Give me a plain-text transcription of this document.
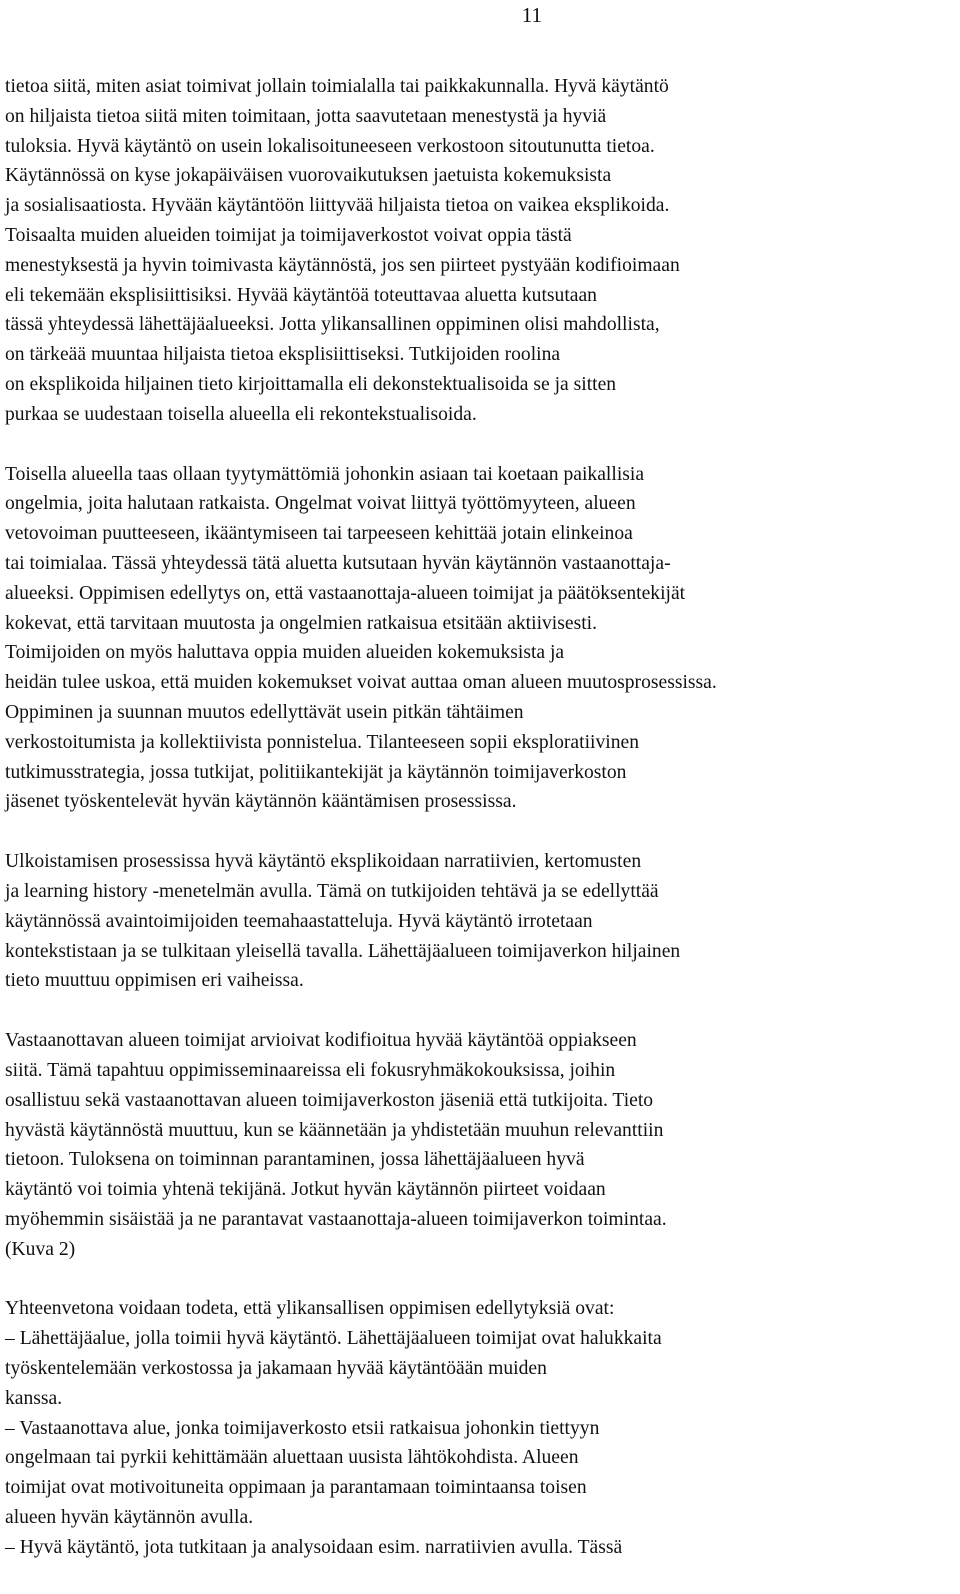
11
tietoa siitä, miten asiat toimivat jollain toimialalla tai paikkakunnalla. Hyvä käytäntö
on hiljaista tietoa siitä miten toimitaan, jotta saavutetaan menestystä ja hyviä
tuloksia. Hyvä käytäntö on usein lokalisoituneeseen verkostoon sitoutunutta tietoa.
Käytännössä on kyse jokapäiväisen vuorovaikutuksen jaetuista kokemuksista
ja sosialisaatiosta. Hyvään käytäntöön liittyvää hiljaista tietoa on vaikea eksplikoida.
Toisaalta muiden alueiden toimijat ja toimijaverkostot voivat oppia tästä
menestyksestä ja hyvin toimivasta käytännöstä, jos sen piirteet pystyään kodifioimaan
eli tekemään eksplisiittisiksi. Hyvää käytäntöä toteuttavaa aluetta kutsutaan
tässä yhteydessä lähettäjäalueeksi. Jotta ylikansallinen oppiminen olisi mahdollista,
on tärkeää muuntaa hiljaista tietoa eksplisiittiseksi. Tutkijoiden roolina
on eksplikoida hiljainen tieto kirjoittamalla eli dekonstektualisoida se ja sitten
purkaa se uudestaan toisella alueella eli rekontekstualisoida.
Toisella alueella taas ollaan tyytymättömiä johonkin asiaan tai koetaan paikallisia
ongelmia, joita halutaan ratkaista. Ongelmat voivat liittyä työttömyyteen, alueen
vetovoiman puutteeseen, ikääntymiseen tai tarpeeseen kehittää jotain elinkeinoa
tai toimialaa. Tässä yhteydessä tätä aluetta kutsutaan hyvän käytännön vastaanottaja-
alueeksi. Oppimisen edellytys on, että vastaanottaja-alueen toimijat ja päätöksentekijät
kokevat, että tarvitaan muutosta ja ongelmien ratkaisua etsitään aktiivisesti.
Toimijoiden on myös haluttava oppia muiden alueiden kokemuksista ja
heidän tulee uskoa, että muiden kokemukset voivat auttaa oman alueen muutosprosessissa.
Oppiminen ja suunnan muutos edellyttävät usein pitkän tähtäimen
verkostoitumista ja kollektiivista ponnistelua. Tilanteeseen sopii eksploratiivinen
tutkimusstrategia, jossa tutkijat, politiikantekijät ja käytännön toimijaverkoston
jäsenet työskentelevät hyvän käytännön kääntämisen prosessissa.
Ulkoistamisen prosessissa hyvä käytäntö eksplikoidaan narratiivien, kertomusten
ja learning history -menetelmän avulla. Tämä on tutkijoiden tehtävä ja se edellyttää
käytännössä avaintoimijoiden teemahaastatteluja. Hyvä käytäntö irrotetaan
kontekstistaan ja se tulkitaan yleisellä tavalla. Lähettäjäalueen toimijaverkon hiljainen
tieto muuttuu oppimisen eri vaiheissa.
Vastaanottavan alueen toimijat arvioivat kodifioitua hyvää käytäntöä oppiakseen
siitä. Tämä tapahtuu oppimisseminaareissa eli fokusryhmäkokouksissa, joihin
osallistuu sekä vastaanottavan alueen toimijaverkoston jäseniä että tutkijoita. Tieto
hyvästä käytännöstä muuttuu, kun se käännetään ja yhdistetään muuhun relevanttiin
tietoon. Tuloksena on toiminnan parantaminen, jossa lähettäjäalueen hyvä
käytäntö voi toimia yhtenä tekijänä. Jotkut hyvän käytännön piirteet voidaan
myöhemmin sisäistää ja ne parantavat vastaanottaja-alueen toimijaverkon toimintaa.
(Kuva 2)
Yhteenvetona voidaan todeta, että ylikansallisen oppimisen edellytyksiä ovat:
– Lähettäjäalue, jolla toimii hyvä käytäntö. Lähettäjäalueen toimijat ovat halukkaita
työskentelemään verkostossa ja jakamaan hyvää käytäntöään muiden
kanssa.
– Vastaanottava alue, jonka toimijaverkosto etsii ratkaisua johonkin tiettyyn
ongelmaan tai pyrkii kehittämään aluettaan uusista lähtökohdista. Alueen
toimijat ovat motivoituneita oppimaan ja parantamaan toimintaansa toisen
alueen hyvän käytännön avulla.
– Hyvä käytäntö, jota tutkitaan ja analysoidaan esim. narratiivien avulla. Tässä
